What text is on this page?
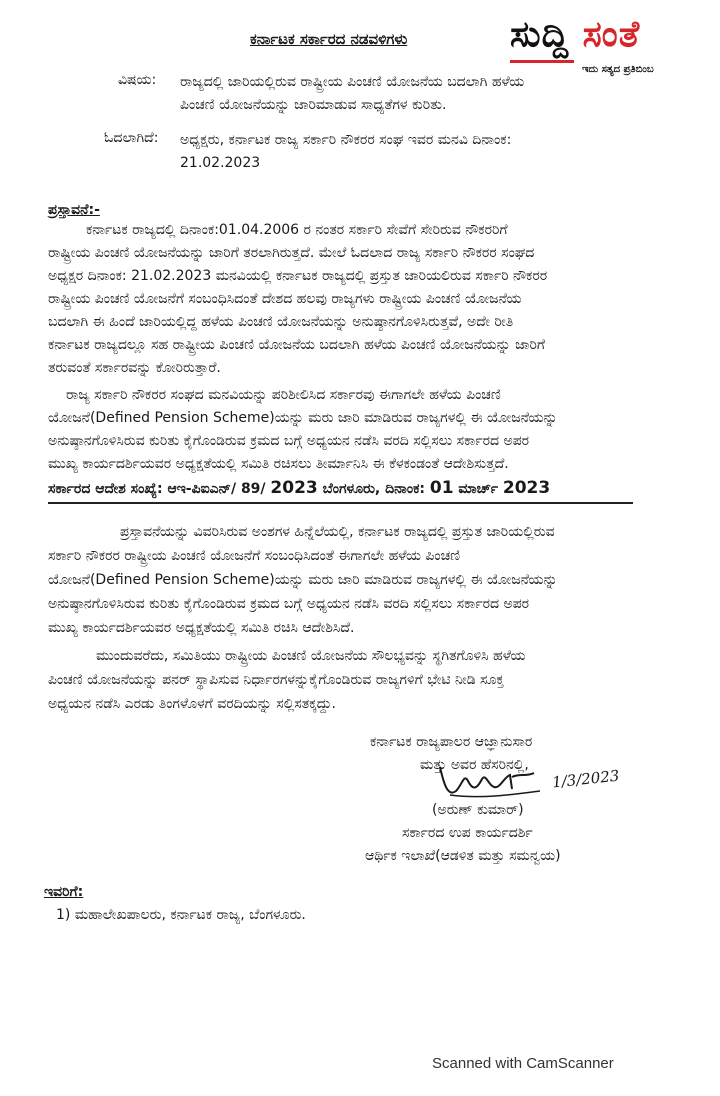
ಸುದ್ದಿ ಸಂತೆ
ಇದು ಸತ್ಯದ ಪ್ರತಿಬಿಂಬ
ಕರ್ನಾಟಕ ಸರ್ಕಾರದ ನಡವಳಿಗಳು
ವಿಷಯ: ರಾಜ್ಯದಲ್ಲಿ ಜಾರಿಯಲ್ಲಿರುವ ರಾಷ್ಟ್ರೀಯ ಪಿಂಚಣಿ ಯೋಜನೆಯ ಬದಲಾಗಿ ಹಳೆಯ
ಪಿಂಚಣಿ ಯೋಜನೆಯನ್ನು ಜಾರಿಮಾಡುವ ಸಾಧ್ಯತೆಗಳ ಕುರಿತು.
ಓದಲಾಗಿದೆ: ಅಧ್ಯಕ್ಷರು, ಕರ್ನಾಟಕ ರಾಜ್ಯ ಸರ್ಕಾರಿ ನೌಕರರ ಸಂಘ ಇವರ ಮನವಿ ದಿನಾಂಕ:
21.02.2023
ಪ್ರಸ್ತಾವನೆ:-
ಕರ್ನಾಟಕ ರಾಜ್ಯದಲ್ಲಿ ದಿನಾಂಕ:01.04.2006 ರ ನಂತರ ಸರ್ಕಾರಿ ಸೇವೆಗೆ ಸೇರಿರುವ ನೌಕರರಿಗೆ
ರಾಷ್ಟ್ರೀಯ ಪಿಂಚಣಿ ಯೋಜನೆಯನ್ನು ಜಾರಿಗೆ ತರಲಾಗಿರುತ್ತದೆ. ಮೇಲೆ ಓದಲಾದ ರಾಜ್ಯ ಸರ್ಕಾರಿ ನೌಕರರ ಸಂಘದ
ಅಧ್ಯಕ್ಷರ ದಿನಾಂಕ: 21.02.2023 ಮನವಿಯಲ್ಲಿ ಕರ್ನಾಟಕ ರಾಜ್ಯದಲ್ಲಿ ಪ್ರಸ್ತುತ ಜಾರಿಯಲಿರುವ ಸರ್ಕಾರಿ ನೌಕರರ
ರಾಷ್ಟ್ರೀಯ ಪಿಂಚಣಿ ಯೋಜನೆಗೆ ಸಂಬಂಧಿಸಿದಂತೆ ದೇಶದ ಹಲವು ರಾಜ್ಯಗಳು ರಾಷ್ಟ್ರೀಯ ಪಿಂಚಣಿ ಯೋಜನೆಯ
ಬದಲಾಗಿ ಈ ಹಿಂದೆ ಜಾರಿಯಲ್ಲಿದ್ದ ಹಳೆಯ ಪಿಂಚಣಿ ಯೋಜನೆಯನ್ನು ಅನುಷ್ಠಾನಗೊಳಿಸಿರುತ್ತವೆ, ಅದೇ ರೀತಿ
ಕರ್ನಾಟಕ ರಾಜ್ಯದಲ್ಲೂ ಸಹ ರಾಷ್ಟ್ರೀಯ ಪಿಂಚಣಿ ಯೋಜನೆಯ ಬದಲಾಗಿ ಹಳೆಯ ಪಿಂಚಣಿ ಯೋಜನೆಯನ್ನು ಜಾರಿಗೆ
ತರುವಂತೆ ಸರ್ಕಾರವನ್ನು ಕೋರಿರುತ್ತಾರೆ.
ರಾಜ್ಯ ಸರ್ಕಾರಿ ನೌಕರರ ಸಂಘದ ಮನವಿಯನ್ನು ಪರಿಶೀಲಿಸಿದ ಸರ್ಕಾರವು ಈಗಾಗಲೇ ಹಳೆಯ ಪಿಂಚಣಿ
ಯೋಜನೆ(Defined Pension Scheme)ಯನ್ನು ಮರು ಜಾರಿ ಮಾಡಿರುವ ರಾಜ್ಯಗಳಲ್ಲಿ ಈ ಯೋಜನೆಯನ್ನು
ಅನುಷ್ಠಾನಗೊಳಿಸಿರುವ ಕುರಿತು ಕೈಗೊಂಡಿರುವ ಕ್ರಮದ ಬಗ್ಗೆ ಅಧ್ಯಯನ ನಡೆಸಿ ವರದಿ ಸಲ್ಲಿಸಲು ಸರ್ಕಾರದ ಅಪರ
ಮುಖ್ಯ ಕಾರ್ಯದರ್ಶಿಯವರ ಅಧ್ಯಕ್ಷತೆಯಲ್ಲಿ ಸಮಿತಿ ರಚಿಸಲು ತೀರ್ಮಾನಿಸಿ ಈ ಕೆಳಕಂಡಂತೆ ಆದೇಶಿಸುತ್ತದೆ.
ಸರ್ಕಾರದ ಆದೇಶ ಸಂಖ್ಯೆ: ಆಇ-ಪಿಐಎನ್/ 89/ 2023 ಬೆಂಗಳೂರು, ದಿನಾಂಕ: 01 ಮಾರ್ಚ್ 2023
ಪ್ರಸ್ತಾವನೆಯನ್ನು ವಿವರಿಸಿರುವ ಅಂಶಗಳ ಹಿನ್ನೆಲೆಯಲ್ಲಿ, ಕರ್ನಾಟಕ ರಾಜ್ಯದಲ್ಲಿ ಪ್ರಸ್ತುತ ಜಾರಿಯಲ್ಲಿರುವ
ಸರ್ಕಾರಿ ನೌಕರರ ರಾಷ್ಟ್ರೀಯ ಪಿಂಚಣಿ ಯೋಜನೆಗೆ ಸಂಬಂಧಿಸಿದಂತೆ ಈಗಾಗಲೇ ಹಳೆಯ ಪಿಂಚಣಿ
ಯೋಜನೆ(Defined Pension Scheme)ಯನ್ನು ಮರು ಜಾರಿ ಮಾಡಿರುವ ರಾಜ್ಯಗಳಲ್ಲಿ ಈ ಯೋಜನೆಯನ್ನು
ಅನುಷ್ಠಾನಗೊಳಿಸಿರುವ ಕುರಿತು ಕೈಗೊಂಡಿರುವ ಕ್ರಮದ ಬಗ್ಗೆ ಅಧ್ಯಯನ ನಡೆಸಿ ವರದಿ ಸಲ್ಲಿಸಲು ಸರ್ಕಾರದ ಅಪರ
ಮುಖ್ಯ ಕಾರ್ಯದರ್ಶಿಯವರ ಅಧ್ಯಕ್ಷತೆಯಲ್ಲಿ ಸಮಿತಿ ರಚಿಸಿ ಆದೇಶಿಸಿದೆ.
ಮುಂದುವರೆದು, ಸಮಿತಿಯು ರಾಷ್ಟ್ರೀಯ ಪಿಂಚಣಿ ಯೋಜನೆಯ ಸೌಲಭ್ಯವನ್ನು ಸ್ಥಗಿತಗೊಳಿಸಿ ಹಳೆಯ
ಪಿಂಚಣಿ ಯೋಜನೆಯನ್ನು ಪನರ್ ಸ್ಥಾಪಿಸುವ ನಿರ್ಧಾರಗಳನ್ನುಕೈಗೊಂಡಿರುವ ರಾಜ್ಯಗಳಿಗೆ ಭೇಟಿ ನೀಡಿ ಸೂಕ್ತ
ಅಧ್ಯಯನ ನಡೆಸಿ ಎರಡು ತಿಂಗಳೊಳಗೆ ವರದಿಯನ್ನು ಸಲ್ಲಿಸತಕ್ಕದ್ದು.
ಕರ್ನಾಟಕ ರಾಜ್ಯಪಾಲರ ಆಜ್ಞಾನುಸಾರ
ಮತ್ತು ಅವರ ಹೆಸರಿನಲ್ಲಿ,
1/3/2023
(ಅರುಣ್ ಕುಮಾರ್)
ಸರ್ಕಾರದ ಉಪ ಕಾರ್ಯದರ್ಶಿ
ಆರ್ಥಿಕ ಇಲಾಖೆ(ಆಡಳಿತ ಮತ್ತು ಸಮನ್ವಯ)
ಇವರಿಗೆ:
1) ಮಹಾಲೇಖಪಾಲರು, ಕರ್ನಾಟಕ ರಾಜ್ಯ, ಬೆಂಗಳೂರು.
Scanned with CamScanner
